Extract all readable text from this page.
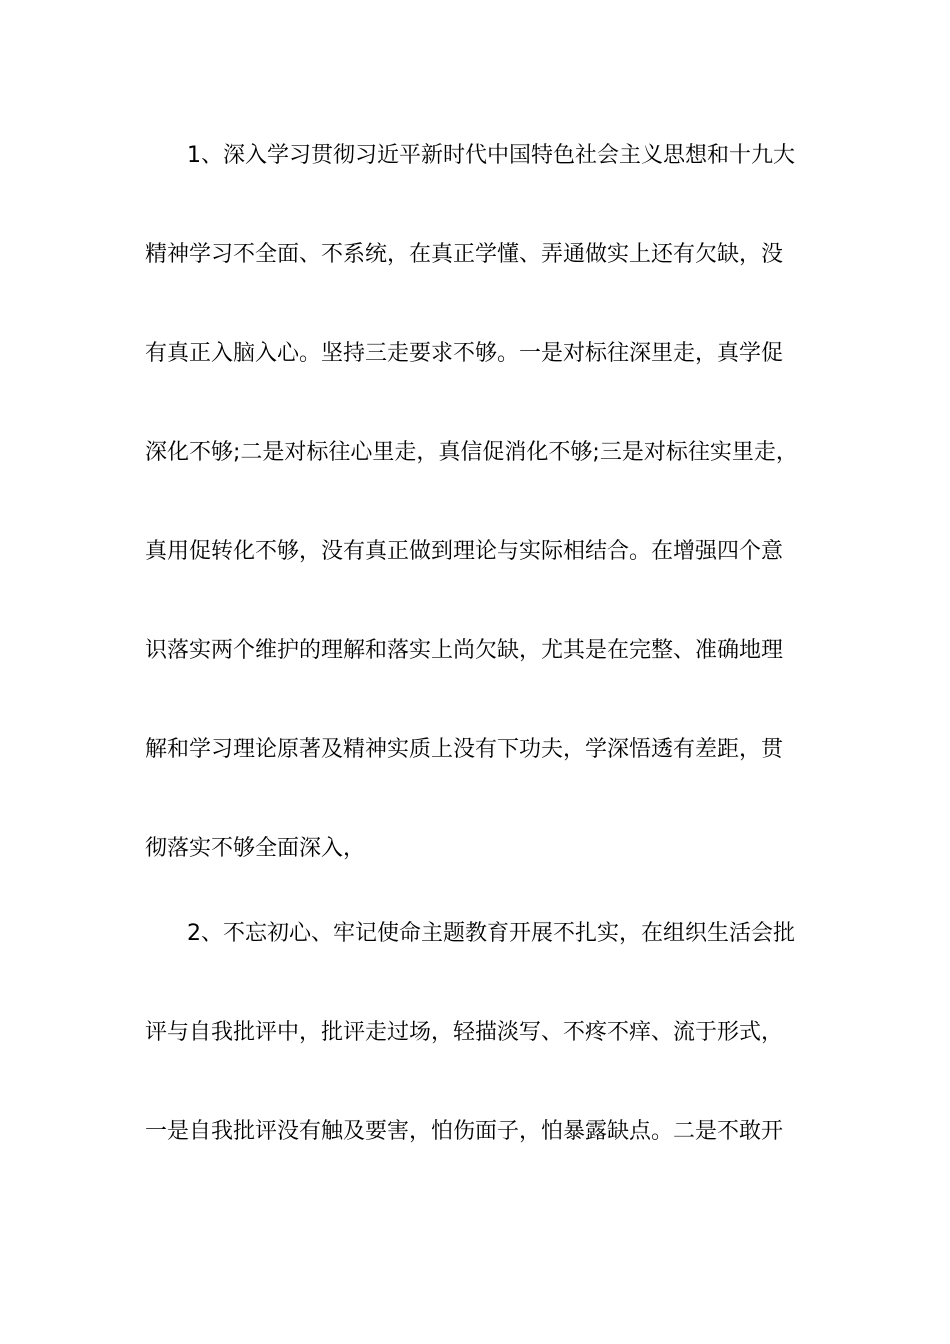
1、深入学习贯彻习近平新时代中国特色社会主义思想和十九大
精神学习不全面、不系统，在真正学懂、弄通做实上还有欠缺，没
有真正入脑入心。坚持三走要求不够。一是对标往深里走，真学促
深化不够;二是对标往心里走，真信促消化不够;三是对标往实里走，
真用促转化不够，没有真正做到理论与实际相结合。在增强四个意
识落实两个维护的理解和落实上尚欠缺，尤其是在完整、准确地理
解和学习理论原著及精神实质上没有下功夫，学深悟透有差距，贯
彻落实不够全面深入，
2、不忘初心、牢记使命主题教育开展不扎实，在组织生活会批
评与自我批评中，批评走过场，轻描淡写、不疼不痒、流于形式，
一是自我批评没有触及要害，怕伤面子，怕暴露缺点。二是不敢开
